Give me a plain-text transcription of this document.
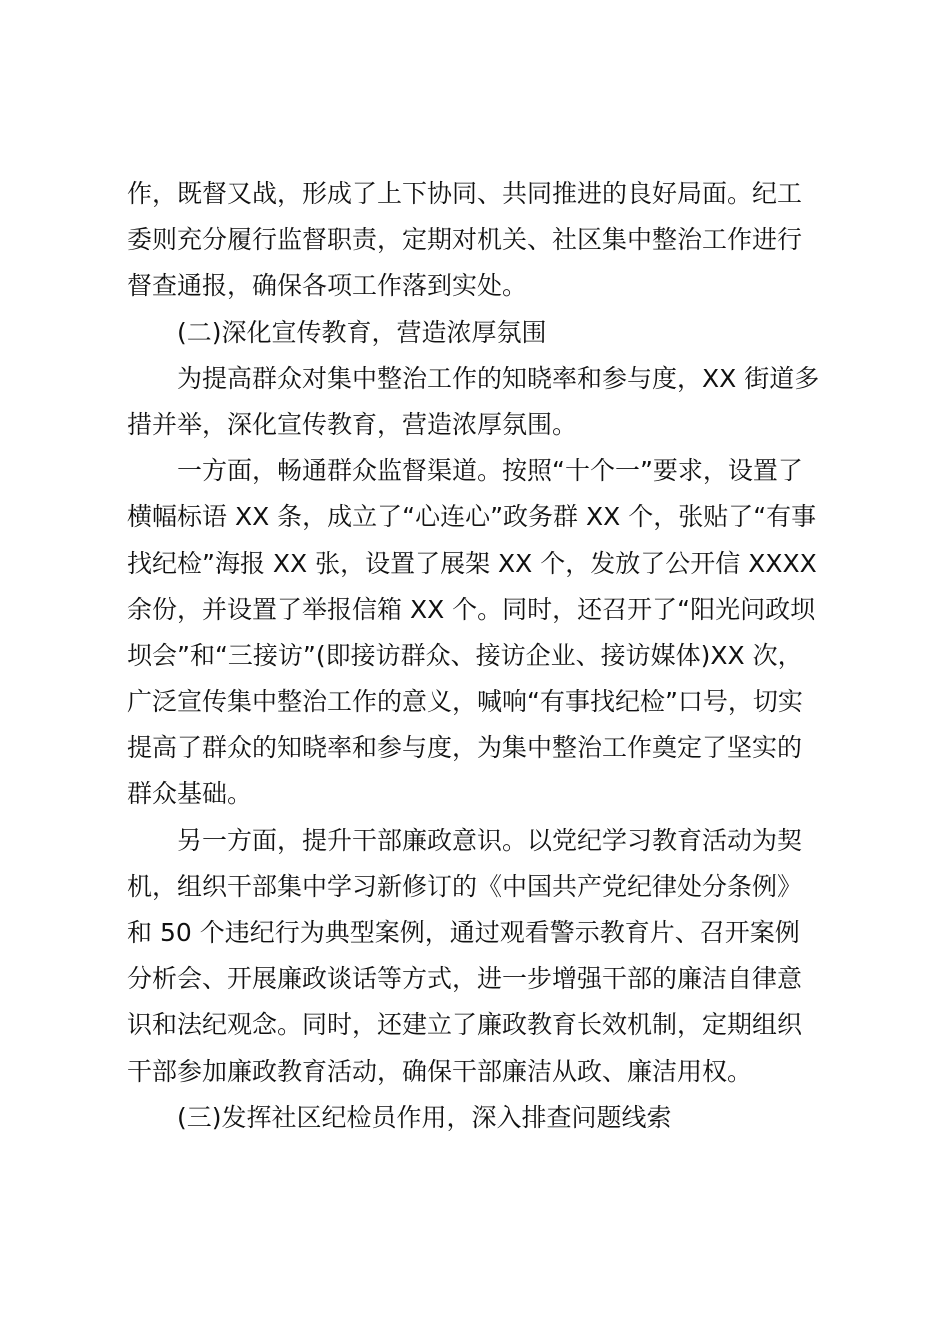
作，既督又战，形成了上下协同、共同推进的良好局面。纪工
委则充分履行监督职责，定期对机关、社区集中整治工作进行
督查通报，确保各项工作落到实处。
(二)深化宣传教育，营造浓厚氛围
为提高群众对集中整治工作的知晓率和参与度，XX 街道多
措并举，深化宣传教育，营造浓厚氛围。
一方面，畅通群众监督渠道。按照“十个一”要求，设置了
横幅标语 XX 条，成立了“心连心”政务群 XX 个，张贴了“有事
找纪检”海报 XX 张，设置了展架 XX 个，发放了公开信 XXXX
余份，并设置了举报信箱 XX 个。同时，还召开了“阳光问政坝
坝会”和“三接访”(即接访群众、接访企业、接访媒体)XX 次，
广泛宣传集中整治工作的意义，喊响“有事找纪检”口号，切实
提高了群众的知晓率和参与度，为集中整治工作奠定了坚实的
群众基础。
另一方面，提升干部廉政意识。以党纪学习教育活动为契
机，组织干部集中学习新修订的《中国共产党纪律处分条例》
和 50 个违纪行为典型案例，通过观看警示教育片、召开案例
分析会、开展廉政谈话等方式，进一步增强干部的廉洁自律意
识和法纪观念。同时，还建立了廉政教育长效机制，定期组织
干部参加廉政教育活动，确保干部廉洁从政、廉洁用权。
(三)发挥社区纪检员作用，深入排查问题线索
